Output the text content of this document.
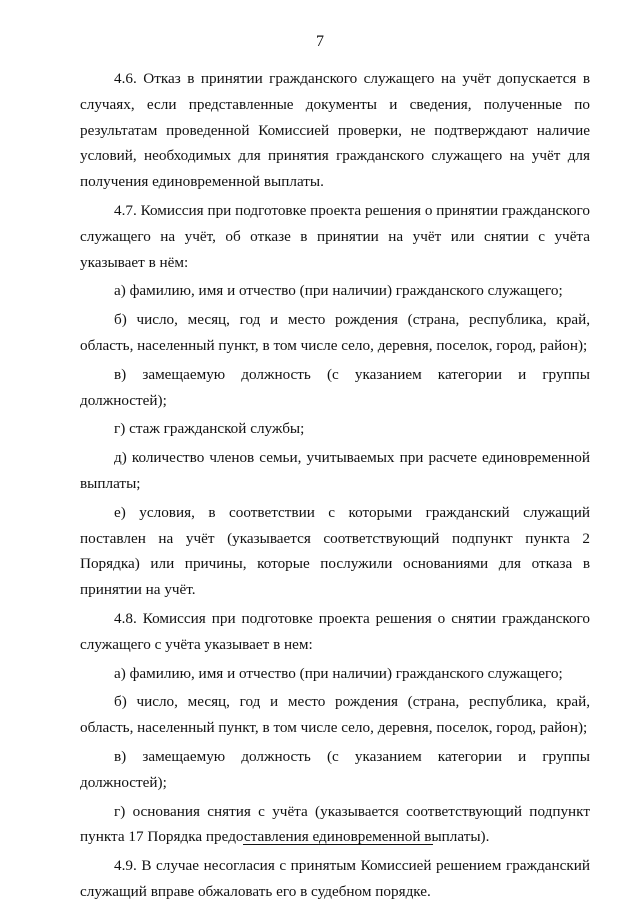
7

4.6. Отказ в принятии гражданского служащего на учёт допускается в случаях, если представленные документы и сведения, полученные по результатам проведенной Комиссией проверки, не подтверждают наличие условий, необходимых для принятия гражданского служащего на учёт для получения единовременной выплаты.

4.7. Комиссия при подготовке проекта решения о принятии гражданского служащего на учёт, об отказе в принятии на учёт или снятии с учёта указывает в нём:

а) фамилию, имя и отчество (при наличии) гражданского служащего;

б) число, месяц, год и место рождения (страна, республика, край, область, населенный пункт, в том числе село, деревня, поселок, город, район);

в) замещаемую должность (с указанием категории и группы должностей);

г) стаж гражданской службы;

д) количество членов семьи, учитываемых при расчете единовременной выплаты;

е) условия, в соответствии с которыми гражданский служащий поставлен на учёт (указывается соответствующий подпункт пункта 2 Порядка) или причины, которые послужили основаниями для отказа в принятии на учёт.

4.8. Комиссия при подготовке проекта решения о снятии гражданского служащего с учёта указывает в нем:

а) фамилию, имя и отчество (при наличии) гражданского служащего;

б) число, месяц, год и место рождения (страна, республика, край, область, населенный пункт, в том числе село, деревня, поселок, город, район);

в) замещаемую должность (с указанием категории и группы должностей);

г) основания снятия с учёта (указывается соответствующий подпункт пункта 17 Порядка предоставления единовременной выплаты).

4.9. В случае несогласия с принятым Комиссией решением гражданский служащий вправе обжаловать его в судебном порядке.
